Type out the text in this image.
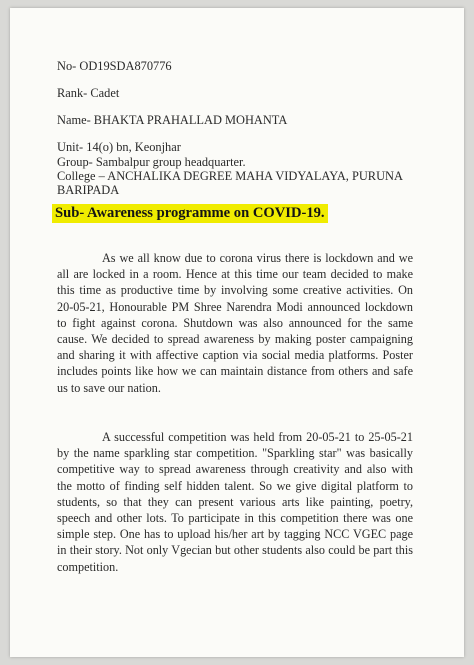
No- OD19SDA870776
Rank- Cadet
Name- BHAKTA PRAHALLAD MOHANTA
Unit- 14(o) bn, Keonjhar
Group- Sambalpur group headquarter.
College – ANCHALIKA DEGREE MAHA VIDYALAYA, PURUNA BARIPADA
Sub- Awareness programme on COVID-19.

As we all know due to corona virus there is lockdown and we all are locked in a room. Hence at this time our team decided to make this time as productive time by involving some creative activities. On 20-05-21, Honourable PM Shree Narendra Modi announced lockdown to fight against corona. Shutdown was also announced for the same cause. We decided to spread awareness by making poster campaigning and sharing it with affective caption via social media platforms. Poster includes points like how we can maintain distance from others and safe us to save our nation.

A successful competition was held from 20-05-21 to 25-05-21 by the name sparkling star competition. "Sparkling star" was basically competitive way to spread awareness through creativity and also with the motto of finding self hidden talent. So we give digital platform to students, so that they can present various arts like painting, poetry, speech and other lots. To participate in this competition there was one simple step. One has to upload his/her art by tagging NCC VGEC page in their story. Not only Vgecian but other students also could be part this competition.
